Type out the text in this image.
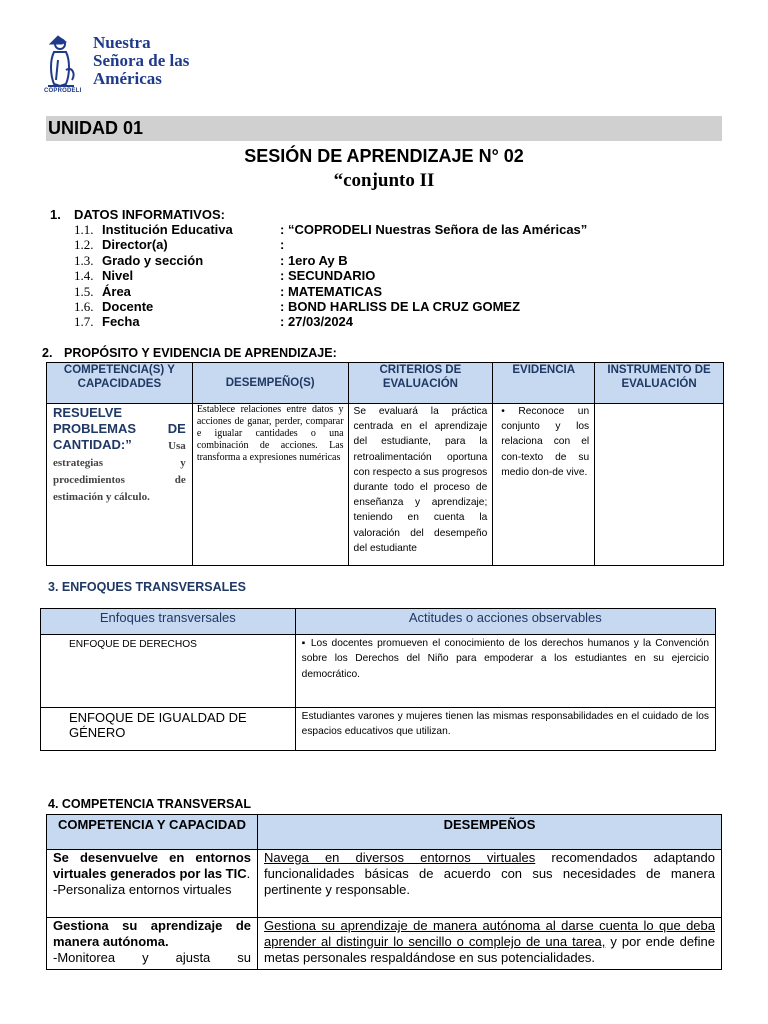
Nuestra
Señora de las
Américas
COPRODELI
UNIDAD 01
SESIÓN DE APRENDIZAJE N° 02
“conjunto II
1. DATOS INFORMATIVOS:
1.1. Institución Educativa	: “COPRODELI Nuestras Señora de las Américas”
1.2. Director(a)	:
1.3. Grado y sección	: 1ero Ay B
1.4. Nivel	: SECUNDARIO
1.5. Área	: MATEMATICAS
1.6. Docente	: BOND HARLISS DE LA CRUZ GOMEZ
1.7. Fecha	: 27/03/2024
2. PROPÓSITO Y EVIDENCIA DE APRENDIZAJE:
COMPETENCIA(S) Y CAPACIDADES	DESEMPEÑO(S)	CRITERIOS DE EVALUACIÓN	EVIDENCIA	INSTRUMENTO DE EVALUACIÓN
RESUELVE PROBLEMAS DE CANTIDAD:” Usa estrategias y procedimientos de estimación y cálculo.	Establece relaciones entre datos y acciones de ganar, perder, comparar e igualar cantidades o una combinación de acciones. Las transforma a expresiones numéricas	Se evaluará la práctica centrada en el aprendizaje del estudiante, para la retroalimentación oportuna con respecto a sus progresos durante todo el proceso de enseñanza y aprendizaje; teniendo en cuenta la valoración del desempeño del estudiante	• Reconoce un conjunto y los relaciona con el con-texto de su medio don-de vive.	
3. ENFOQUES TRANSVERSALES
Enfoques transversales	Actitudes o acciones observables
ENFOQUE DE DERECHOS	▪ Los docentes promueven el conocimiento de los derechos humanos y la Convención sobre los Derechos del Niño para empoderar a los estudiantes en su ejercicio democrático.
ENFOQUE DE IGUALDAD DE GÉNERO	Estudiantes varones y mujeres tienen las mismas responsabilidades en el cuidado de los espacios educativos que utilizan.
4. COMPETENCIA TRANSVERSAL
COMPETENCIA Y CAPACIDAD	DESEMPEÑOS
Se desenvuelve en entornos virtuales generados por las TIC.
-Personaliza entornos virtuales	Navega en diversos entornos virtuales recomendados adaptando funcionalidades básicas de acuerdo con sus necesidades de manera pertinente y responsable.
Gestiona su aprendizaje de manera autónoma.
-Monitorea y ajusta su	Gestiona su aprendizaje de manera autónoma al darse cuenta lo que deba aprender al distinguir lo sencillo o complejo de una tarea, y por ende define metas personales respaldándose en sus potencialidades.
